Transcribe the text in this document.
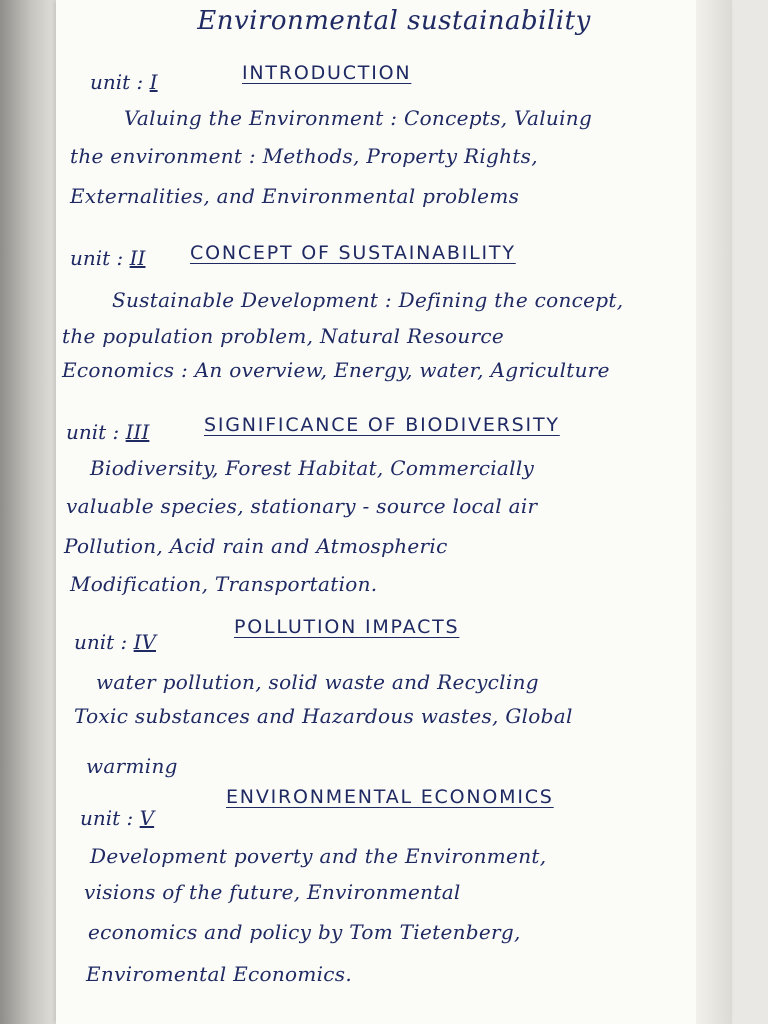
Environmental sustainability
unit : I	INTRODUCTION
Valuing the Environment : Concepts, Valuing
the environment : Methods, Property Rights,
Externalities, and Environmental problems
unit : II CONCEPT OF SUSTAINABILITY
Sustainable Development : Defining the concept,
the population problem, Natural Resource
Economics : An overview, Energy, water, Agriculture
unit : III	SIGNIFICANCE OF BIODIVERSITY
Biodiversity, Forest Habitat, Commercially
valuable species, stationary - source local air
Pollution, Acid rain and Atmospheric
Modification, Transportation.
unit : IV
POLLUTION IMPACTS
water pollution, solid waste and Recycling
Toxic substances and Hazardous wastes, Global
warming
unit : V
ENVIRONMENTAL ECONOMICS
Development poverty and the Environment,
visions of the future, Environmental
economics and policy by Tom Tietenberg,
Enviromental Economics.
